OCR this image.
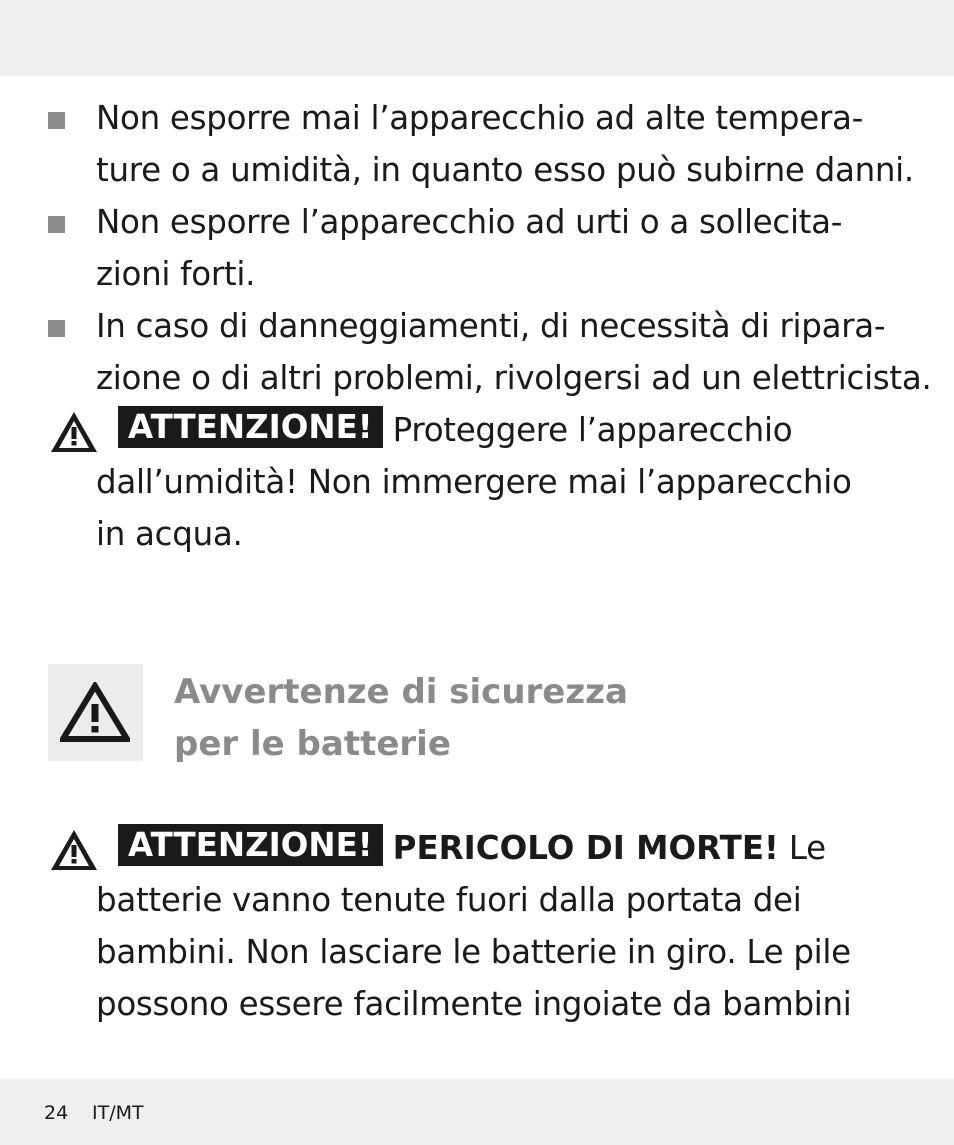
Non esporre mai l’apparecchio ad alte tempera-
ture o a umidità, in quanto esso può subirne danni.
Non esporre l’apparecchio ad urti o a sollecita-
zioni forti.
In caso di danneggiamenti, di necessità di ripara-
zione o di altri problemi, rivolgersi ad un elettricista.
ATTENZIONE! Proteggere l’apparecchio
dall’umidità! Non immergere mai l’apparecchio
in acqua.
Avvertenze di sicurezza
per le batterie
ATTENZIONE! PERICOLO DI MORTE! Le
batterie vanno tenute fuori dalla portata dei
bambini. Non lasciare le batterie in giro. Le pile
possono essere facilmente ingoiate da bambini
24 IT/MT
